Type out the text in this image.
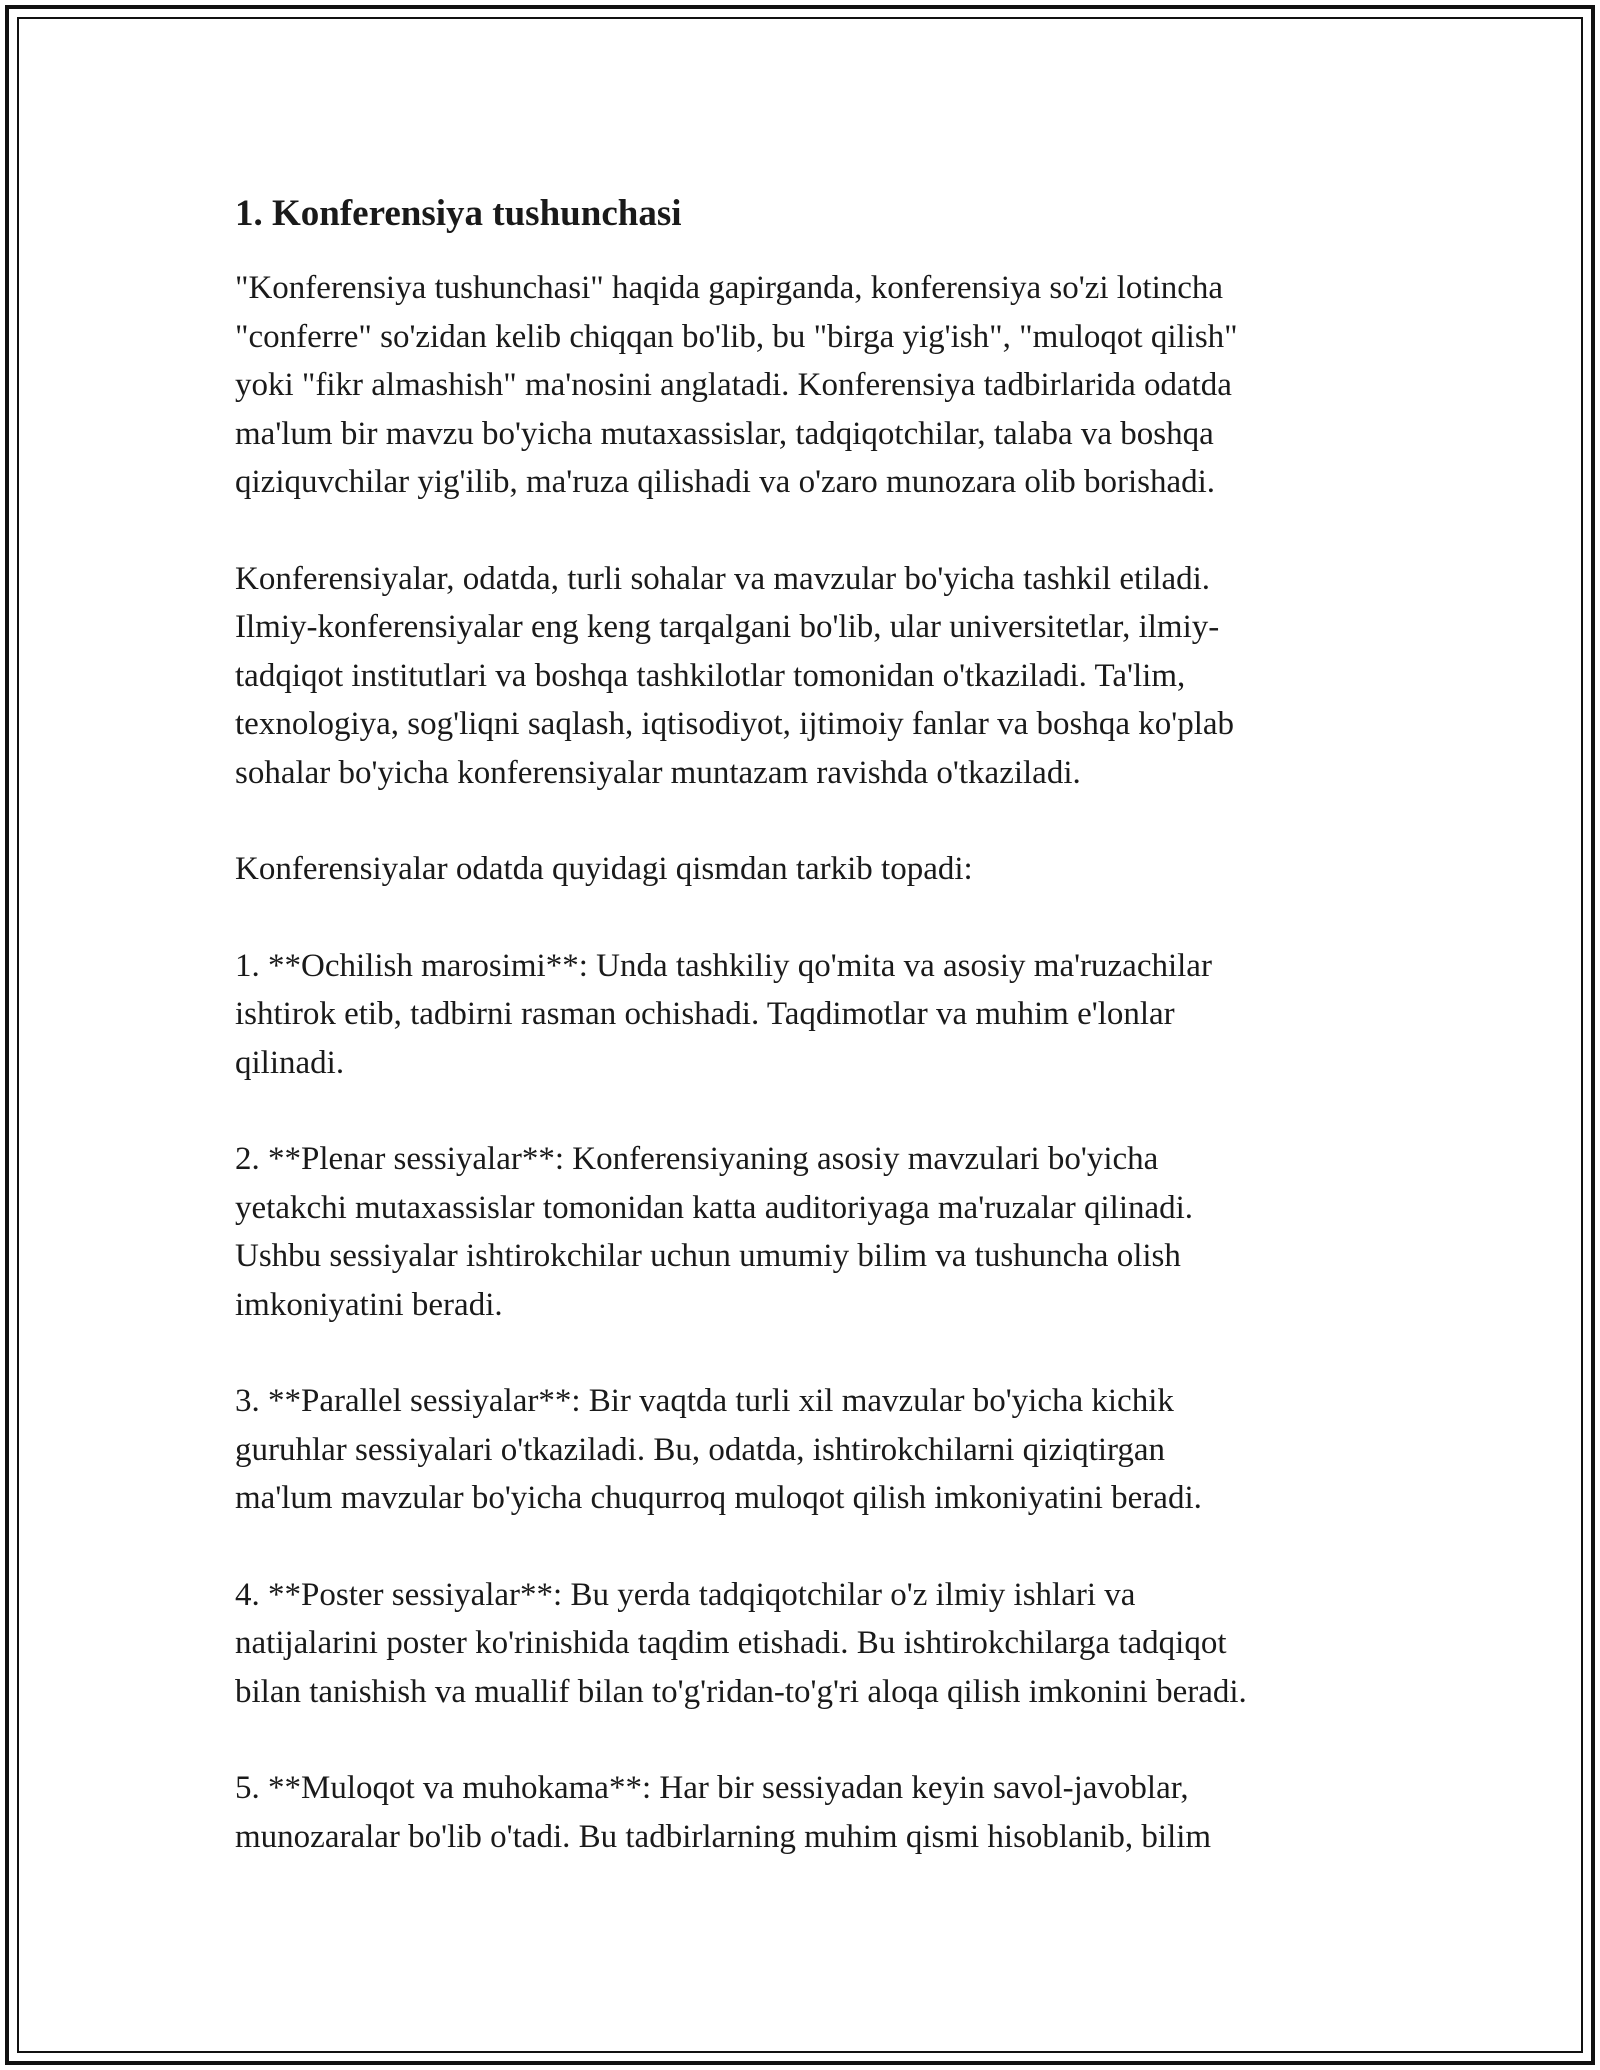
1. Konferensiya tushunchasi

"Konferensiya tushunchasi" haqida gapirganda, konferensiya so'zi lotincha
"conferre" so'zidan kelib chiqqan bo'lib, bu "birga yig'ish", "muloqot qilish"
yoki "fikr almashish" ma'nosini anglatadi. Konferensiya tadbirlarida odatda
ma'lum bir mavzu bo'yicha mutaxassislar, tadqiqotchilar, talaba va boshqa
qiziquvchilar yig'ilib, ma'ruza qilishadi va o'zaro munozara olib borishadi.

Konferensiyalar, odatda, turli sohalar va mavzular bo'yicha tashkil etiladi.
Ilmiy-konferensiyalar eng keng tarqalgani bo'lib, ular universitetlar, ilmiy-
tadqiqot institutlari va boshqa tashkilotlar tomonidan o'tkaziladi. Ta'lim,
texnologiya, sog'liqni saqlash, iqtisodiyot, ijtimoiy fanlar va boshqa ko'plab
sohalar bo'yicha konferensiyalar muntazam ravishda o'tkaziladi.

Konferensiyalar odatda quyidagi qismdan tarkib topadi:

1. **Ochilish marosimi**: Unda tashkiliy qo'mita va asosiy ma'ruzachilar
ishtirok etib, tadbirni rasman ochishadi. Taqdimotlar va muhim e'lonlar
qilinadi.

2. **Plenar sessiyalar**: Konferensiyaning asosiy mavzulari bo'yicha
yetakchi mutaxassislar tomonidan katta auditoriyaga ma'ruzalar qilinadi.
Ushbu sessiyalar ishtirokchilar uchun umumiy bilim va tushuncha olish
imkoniyatini beradi.

3. **Parallel sessiyalar**: Bir vaqtda turli xil mavzular bo'yicha kichik
guruhlar sessiyalari o'tkaziladi. Bu, odatda, ishtirokchilarni qiziqtirgan
ma'lum mavzular bo'yicha chuqurroq muloqot qilish imkoniyatini beradi.

4. **Poster sessiyalar**: Bu yerda tadqiqotchilar o'z ilmiy ishlari va
natijalarini poster ko'rinishida taqdim etishadi. Bu ishtirokchilarga tadqiqot
bilan tanishish va muallif bilan to'g'ridan-to'g'ri aloqa qilish imkonini beradi.

5. **Muloqot va muhokama**: Har bir sessiyadan keyin savol-javoblar,
munozaralar bo'lib o'tadi. Bu tadbirlarning muhim qismi hisoblanib, bilim
